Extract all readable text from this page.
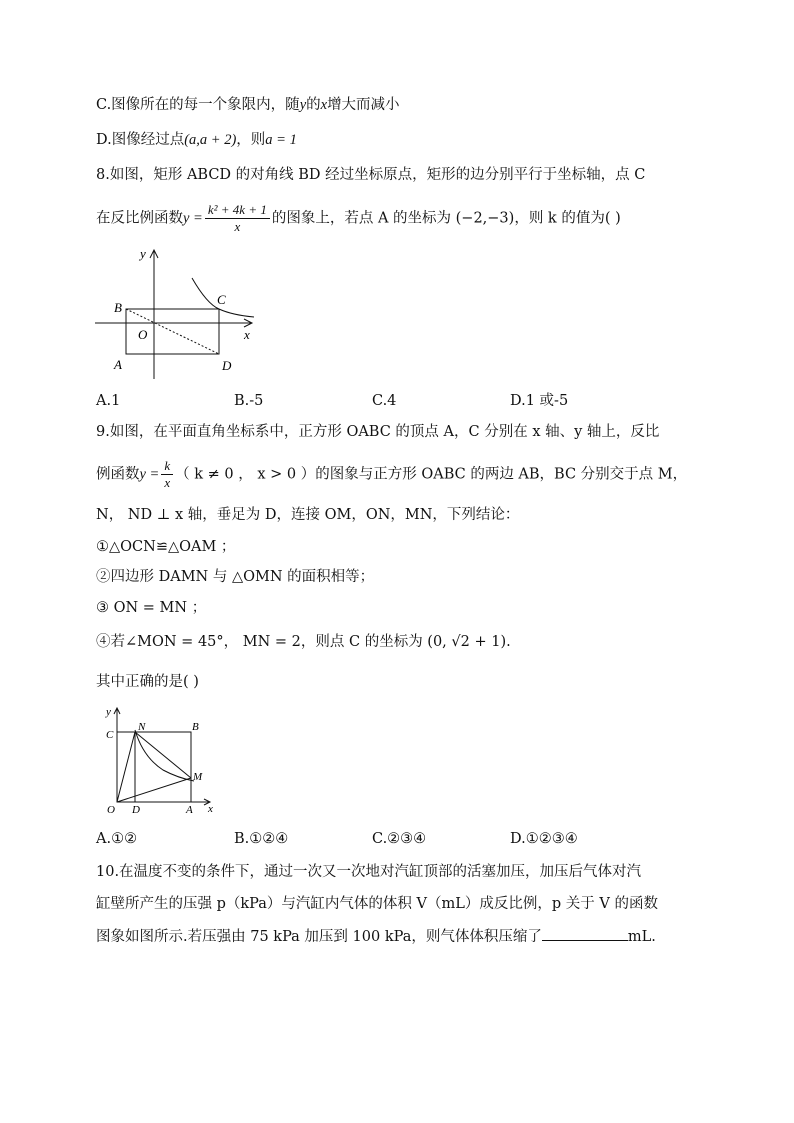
C.图像所在的每一个象限内，随y的x增大而减小
D.图像经过点(a,a + 2)，则a = 1
8.如图，矩形 ABCD 的对角线 BD 经过坐标原点，矩形的边分别平行于坐标轴，点 C
在反比例函数$y = \frac{\text{k² + 4k + 1}}{x}$ 的图象上，若点 A 的坐标为 (−2,−3)，则 k 的值为( )
y
x
B
C
O
A	D
A.1	B.-5	C.4	D.1 或-5
9.如图，在平面直角坐标系中，正方形 OABC 的顶点 A，C 分别在 x 轴、y 轴上，反比
例函数$y = \frac{k}{x}$ （ k ≠ 0 ， x > 0 ）的图象与正方形 OABC 的两边 AB，BC 分别交于点 M，
N， ND ⊥ x 轴，垂足为 D，连接 OM，ON，MN，下列结论：
①△OCN≌△OAM ；
②四边形 DAMN 与 △OMN 的面积相等；
③ ON = MN ；
④若∠MON = 45°， MN = 2，则点 C 的坐标为 (0, √2 + 1).
其中正确的是( )
y
x
C
N	B
M
O D	A
A.①②	B.①②④	C.②③④	D.①②③④
10.在温度不变的条件下，通过一次又一次地对汽缸顶部的活塞加压，加压后气体对汽
缸壁所产生的压强 p（kPa）与汽缸内气体的体积 V（mL）成反比例，p 关于 V 的函数
图象如图所示.若压强由 75 kPa 加压到 100 kPa，则气体体积压缩了	mL.
